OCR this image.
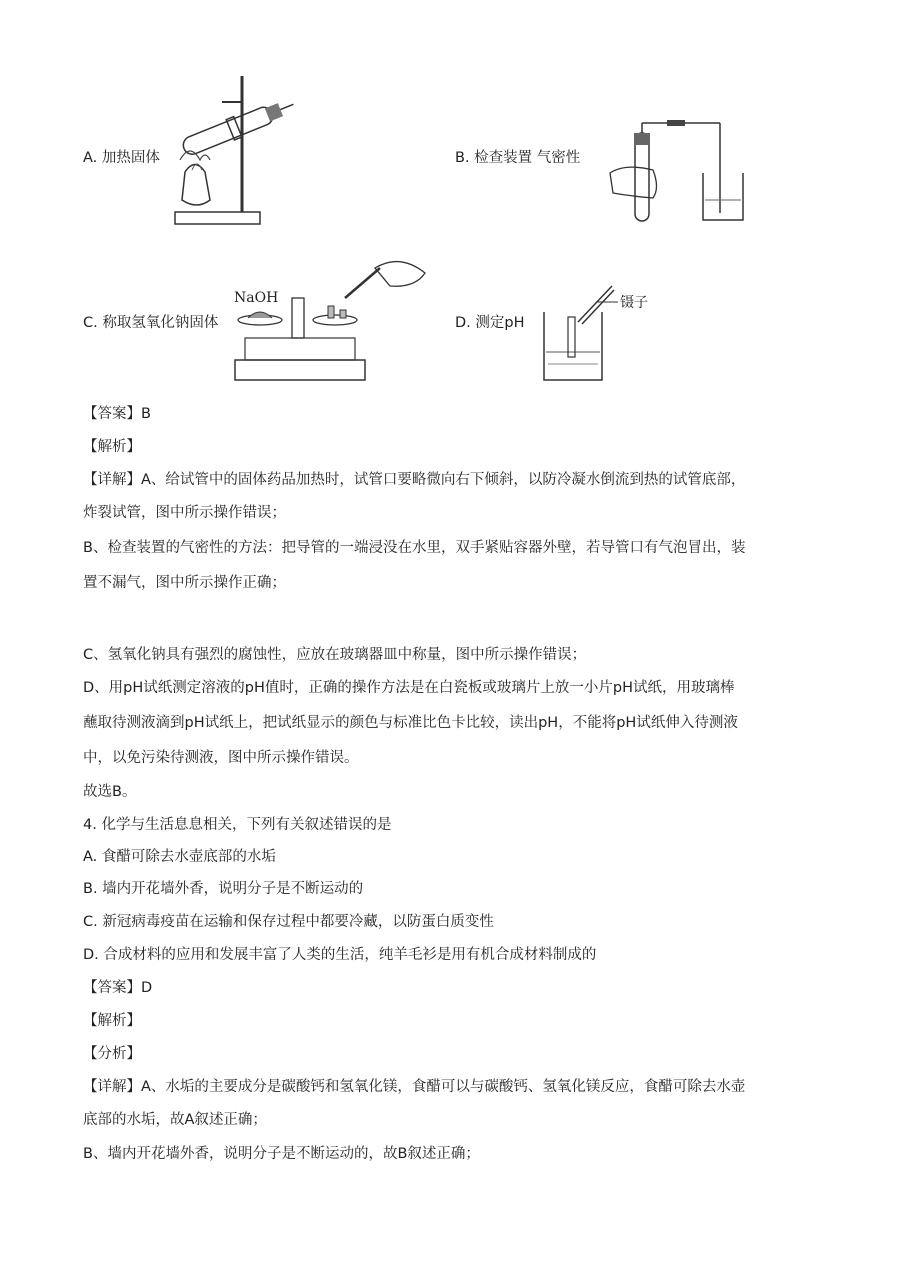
A. 加热固体	B. 检查装置 气密性
C. 称取氢氧化钠固体	D. 测定pH
NaOH	镊子
【答案】B
【解析】
【详解】A、给试管中的固体药品加热时，试管口要略微向右下倾斜，以防冷凝水倒流到热的试管底部，
炸裂试管，图中所示操作错误；
B、检查装置的气密性的方法：把导管的一端浸没在水里，双手紧贴容器外壁，若导管口有气泡冒出，装
置不漏气，图中所示操作正确；
C、氢氧化钠具有强烈的腐蚀性，应放在玻璃器皿中称量，图中所示操作错误；
D、用pH试纸测定溶液的pH值时，正确的操作方法是在白瓷板或玻璃片上放一小片pH试纸，用玻璃棒
蘸取待测液滴到pH试纸上，把试纸显示的颜色与标准比色卡比较，读出pH，不能将pH试纸伸入待测液
中，以免污染待测液，图中所示操作错误。
故选B。
4. 化学与生活息息相关，下列有关叙述错误的是
A. 食醋可除去水壶底部的水垢
B. 墙内开花墙外香，说明分子是不断运动的
C. 新冠病毒疫苗在运输和保存过程中都要冷藏，以防蛋白质变性
D. 合成材料的应用和发展丰富了人类的生活，纯羊毛衫是用有机合成材料制成的
【答案】D
【解析】
【分析】
【详解】A、水垢的主要成分是碳酸钙和氢氧化镁，食醋可以与碳酸钙、氢氧化镁反应，食醋可除去水壶
底部的水垢，故A叙述正确；
B、墙内开花墙外香，说明分子是不断运动的，故B叙述正确；
